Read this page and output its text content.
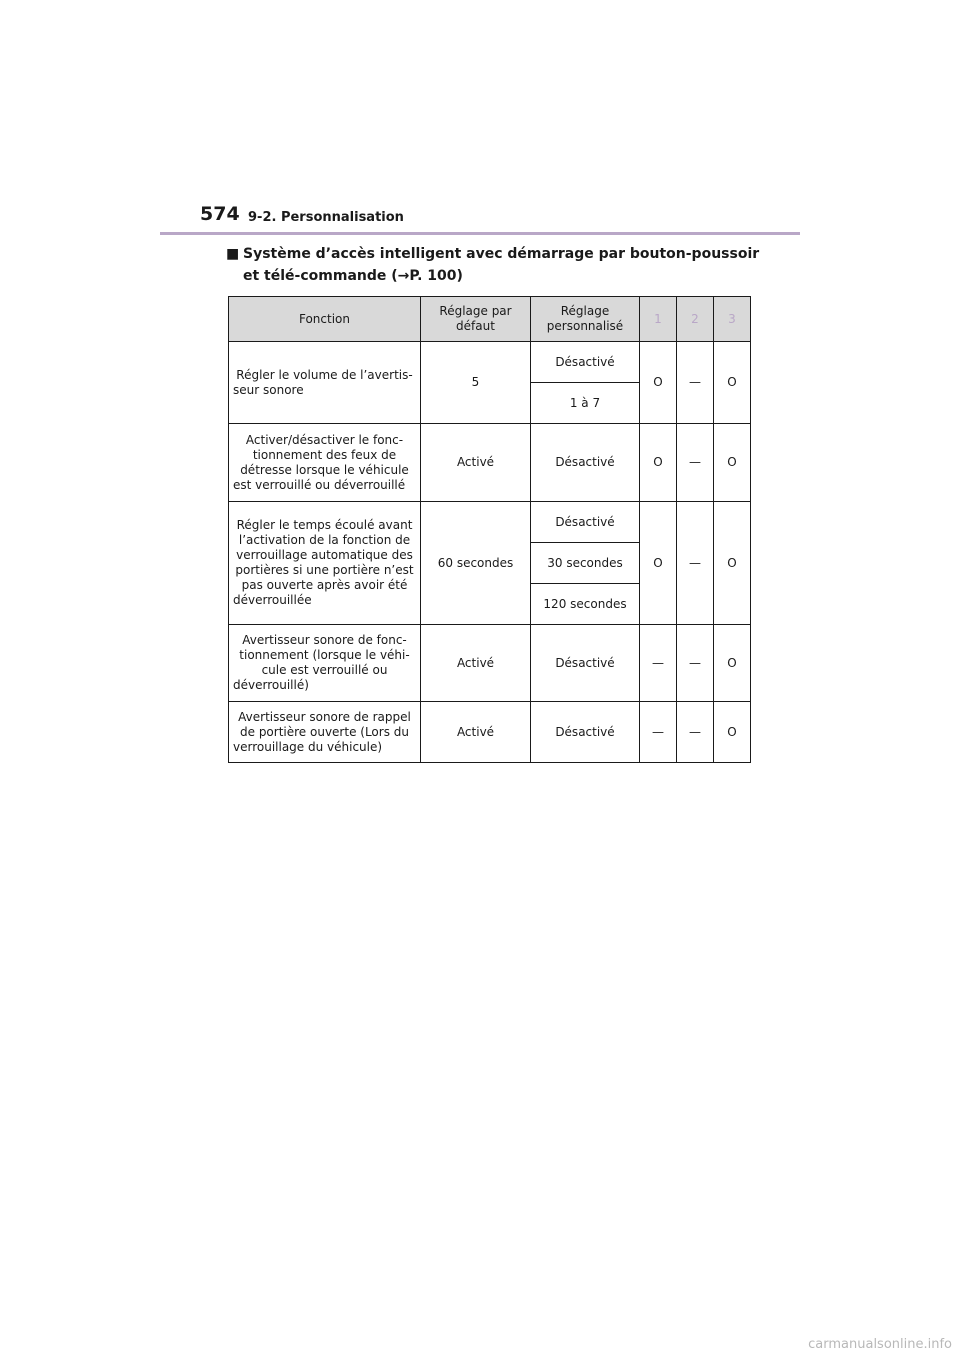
574 9-2. Personnalisation
■ Système d’accès intelligent avec démarrage par bouton-poussoir et télé-commande (→P. 100)
Fonction	Réglage par défaut	Réglage personnalisé	1	2	3
Régler le volume de l’avertis-seur sonore	5	Désactivé	O	—	O
		1 à 7			
Activer/désactiver le fonc-tionnement des feux de détresse lorsque le véhicule est verrouillé ou déverrouillé	Activé	Désactivé	O	—	O
Régler le temps écoulé avant l’activation de la fonction de verrouillage automatique des portières si une portière n’est pas ouverte après avoir été déverrouillée	60 secondes	Désactivé	O	—	O
		30 secondes			
		120 secondes			
Avertisseur sonore de fonc-tionnement (lorsque le véhi-cule est verrouillé ou déverrouillé)	Activé	Désactivé	—	—	O
Avertisseur sonore de rappel de portière ouverte (Lors du verrouillage du véhicule)	Activé	Désactivé	—	—	O
carmanualsonline.info
